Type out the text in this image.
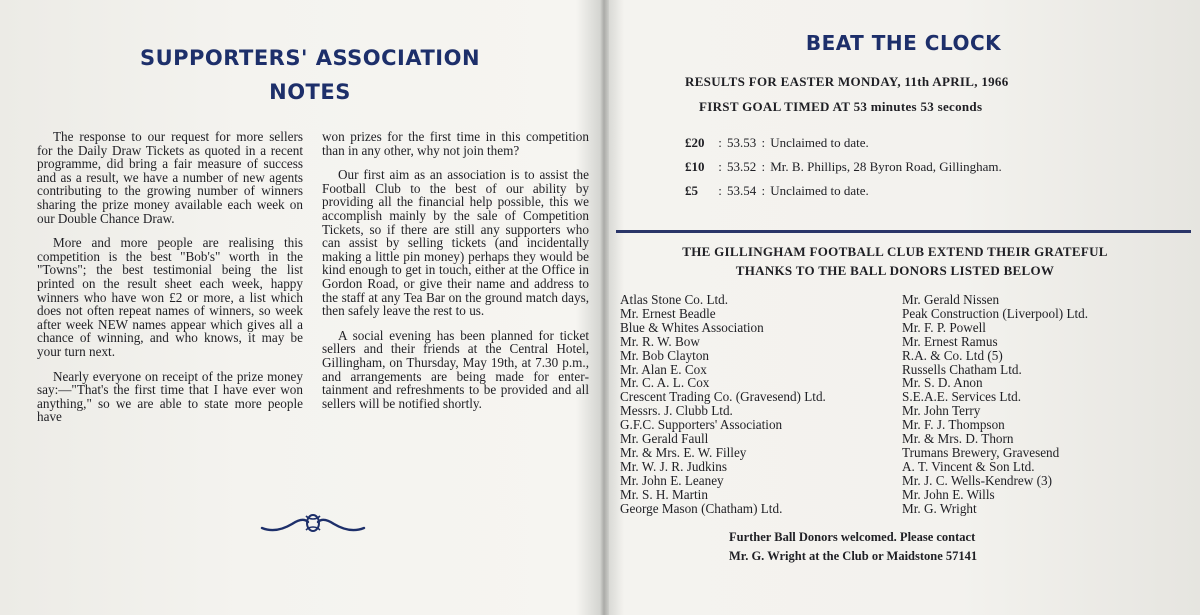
SUPPORTERS' ASSOCIATION
NOTES

The response to our request for more sellers for the Daily Draw Tickets as quoted in a recent programme, did bring a fair measure of success and as a result, we have a number of new agents contributing to the growing number of winners sharing the prize money available each week on our Double Chance Draw.

More and more people are realising this competition is the best "Bob's" worth in the "Towns"; the best testimonial being the list printed on the result sheet each week, happy winners who have won £2 or more, a list which does not often repeat names of winners, so week after week NEW names appear which gives all a chance of winning, and who knows, it may be your turn next.

Nearly everyone on receipt of the prize money say:—"That's the first time that I have ever won anything," so we are able to state more people have

won prizes for the first time in this competition than in any other, why not join them?

Our first aim as an association is to assist the Football Club to the best of our ability by providing all the financial help possible, this we accomplish mainly by the sale of Competition Tickets, so if there are still any supporters who can assist by selling tickets (and incidentally making a little pin money) perhaps they would be kind enough to get in touch, either at the Office in Gordon Road, or give their name and address to the staff at any Tea Bar on the ground match days, then safely leave the rest to us.

A social evening has been planned for ticket sellers and their friends at the Central Hotel, Gillingham, on Thursday, May 19th, at 7.30 p.m., and arrangements are being made for entertainment and refreshments to be provided and all sellers will be notified shortly.

BEAT THE CLOCK
RESULTS FOR EASTER MONDAY, 11th APRIL, 1966
FIRST GOAL TIMED AT 53 minutes 53 seconds
£20 : 53.53 : Unclaimed to date.
£10 : 53.52 : Mr. B. Phillips, 28 Byron Road, Gillingham.
£5 : 53.54 : Unclaimed to date.
THE GILLINGHAM FOOTBALL CLUB EXTEND THEIR GRATEFUL
THANKS TO THE BALL DONORS LISTED BELOW
Atlas Stone Co. Ltd.
Mr. Ernest Beadle
Blue & Whites Association
Mr. R. W. Bow
Mr. Bob Clayton
Mr. Alan E. Cox
Mr. C. A. L. Cox
Crescent Trading Co. (Gravesend) Ltd.
Messrs. J. Clubb Ltd.
G.F.C. Supporters' Association
Mr. Gerald Faull
Mr. & Mrs. E. W. Filley
Mr. W. J. R. Judkins
Mr. John E. Leaney
Mr. S. H. Martin
George Mason (Chatham) Ltd.
Mr. Gerald Nissen
Peak Construction (Liverpool) Ltd.
Mr. F. P. Powell
Mr. Ernest Ramus
R.A. & Co. Ltd (5)
Russells Chatham Ltd.
Mr. S. D. Anon
S.E.A.E. Services Ltd.
Mr. John Terry
Mr. F. J. Thompson
Mr. & Mrs. D. Thorn
Trumans Brewery, Gravesend
A. T. Vincent & Son Ltd.
Mr. J. C. Wells-Kendrew (3)
Mr. John E. Wills
Mr. G. Wright
Further Ball Donors welcomed. Please contact
Mr. G. Wright at the Club or Maidstone 57141
